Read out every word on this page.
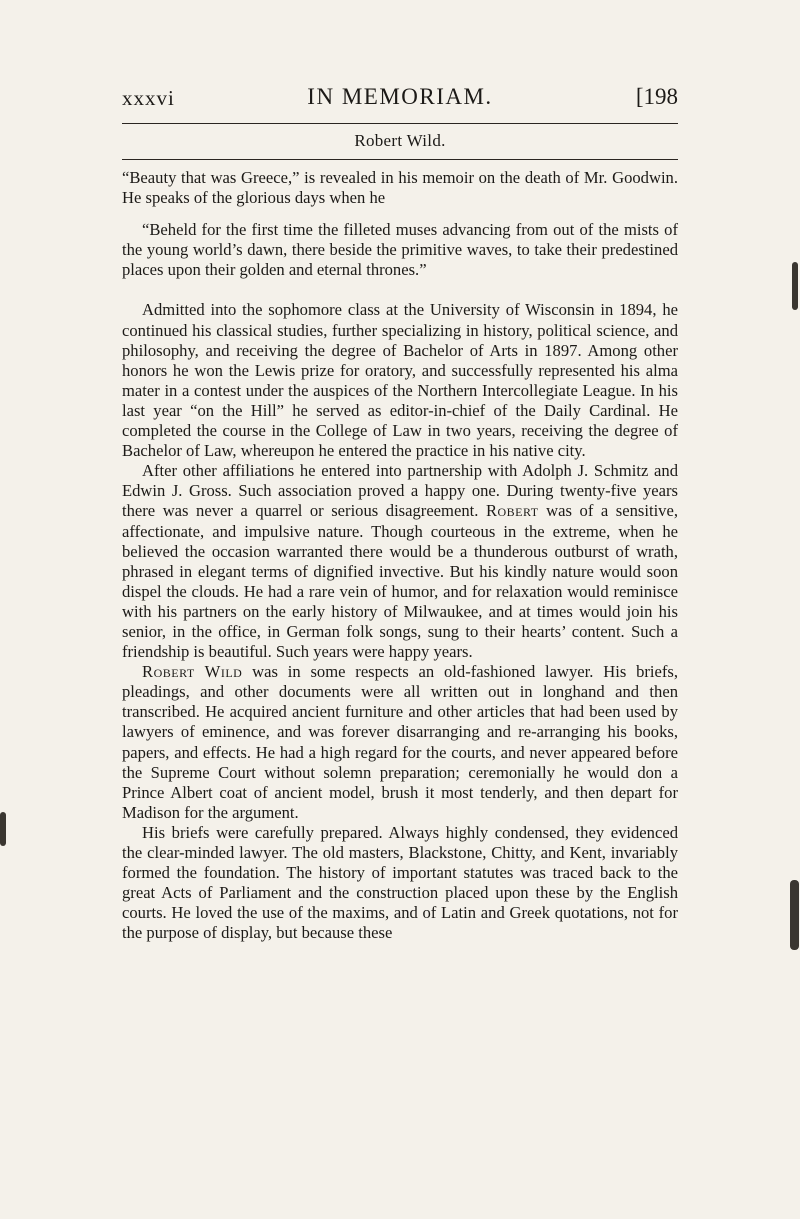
xxxvi	IN MEMORIAM.	[198
Robert Wild.

“Beauty that was Greece,” is revealed in his memoir on the death of Mr. Goodwin. He speaks of the glorious days when he

“Beheld for the first time the filleted muses advancing from out of the mists of the young world’s dawn, there beside the primitive waves, to take their predestined places upon their golden and eternal thrones.”

Admitted into the sophomore class at the University of Wisconsin in 1894, he continued his classical studies, further specializing in history, political science, and philosophy, and receiving the degree of Bachelor of Arts in 1897. Among other honors he won the Lewis prize for oratory, and successfully represented his alma mater in a contest under the auspices of the Northern Intercollegiate League. In his last year “on the Hill” he served as editor-in-chief of the Daily Cardinal. He completed the course in the College of Law in two years, receiving the degree of Bachelor of Law, whereupon he entered the practice in his native city.

After other affiliations he entered into partnership with Adolph J. Schmitz and Edwin J. Gross. Such association proved a happy one. During twenty-five years there was never a quarrel or serious disagreement. Robert was of a sensitive, affectionate, and impulsive nature. Though courteous in the extreme, when he believed the occasion warranted there would be a thunderous outburst of wrath, phrased in elegant terms of dignified invective. But his kindly nature would soon dispel the clouds. He had a rare vein of humor, and for relaxation would reminisce with his partners on the early history of Milwaukee, and at times would join his senior, in the office, in German folk songs, sung to their hearts’ content. Such a friendship is beautiful. Such years were happy years.

Robert Wild was in some respects an old-fashioned lawyer. His briefs, pleadings, and other documents were all written out in longhand and then transcribed. He acquired ancient furniture and other articles that had been used by lawyers of eminence, and was forever disarranging and re-arranging his books, papers, and effects. He had a high regard for the courts, and never appeared before the Supreme Court without solemn preparation; ceremonially he would don a Prince Albert coat of ancient model, brush it most tenderly, and then depart for Madison for the argument.

His briefs were carefully prepared. Always highly condensed, they evidenced the clear-minded lawyer. The old masters, Blackstone, Chitty, and Kent, invariably formed the foundation. The history of important statutes was traced back to the great Acts of Parliament and the construction placed upon these by the English courts. He loved the use of the maxims, and of Latin and Greek quotations, not for the purpose of display, but because these
